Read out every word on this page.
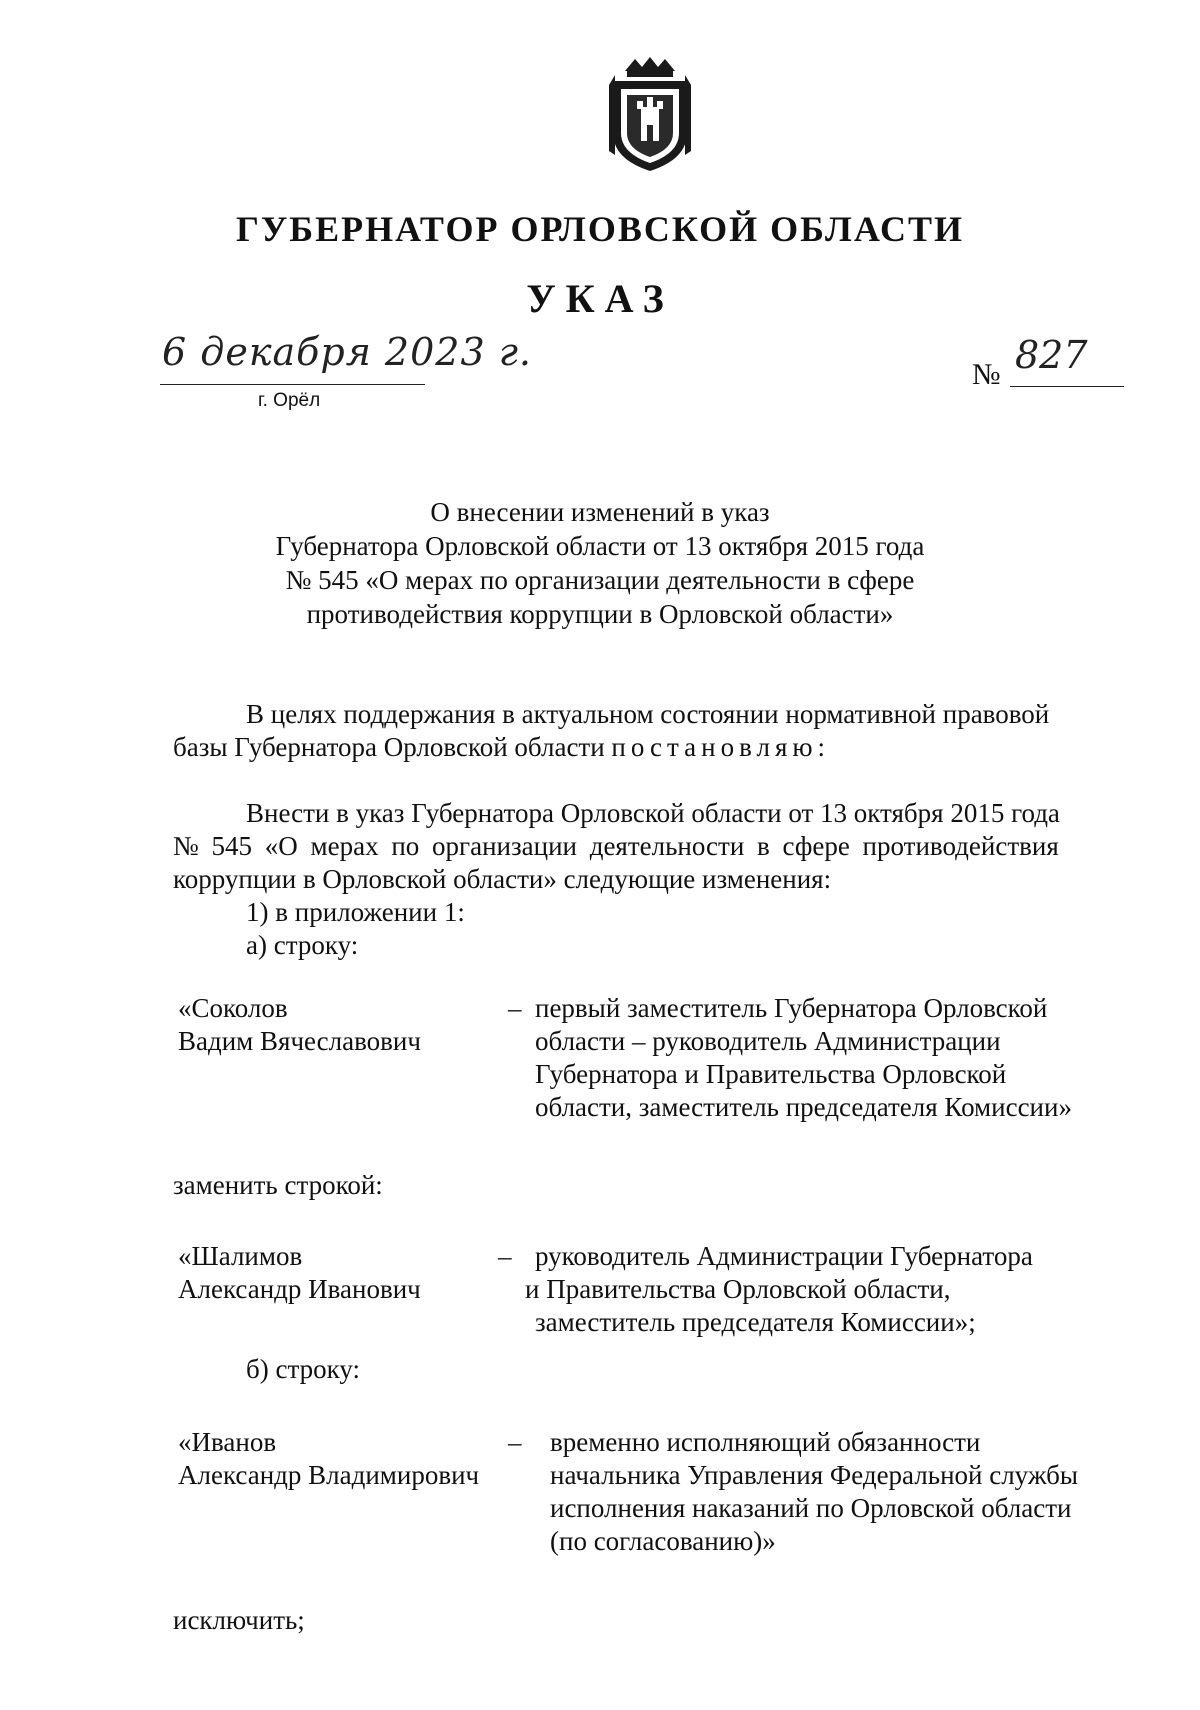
ГУБЕРНАТОР ОРЛОВСКОЙ ОБЛАСТИ
УКАЗ
6 декабря 2023 г.
г. Орёл
№ 827
О внесении изменений в указ
Губернатора Орловской области от 13 октября 2015 года
№ 545 «О мерах по организации деятельности в сфере
противодействия коррупции в Орловской области»
В целях поддержания в актуальном состоянии нормативной правовой
базы Губернатора Орловской области постановляю:
Внести в указ Губернатора Орловской области от 13 октября 2015 года
№ 545 «О мерах по организации деятельности в сфере противодействия
коррупции в Орловской области» следующие изменения:
1) в приложении 1:
а) строку:
«Соколов
Вадим Вячеславович
– первый заместитель Губернатора Орловской
области – руководитель Администрации
Губернатора и Правительства Орловской
области, заместитель председателя Комиссии»
заменить строкой:
«Шалимов
Александр Иванович
– руководитель Администрации Губернатора
и Правительства Орловской области,
заместитель председателя Комиссии»;
б) строку:
«Иванов
Александр Владимирович
– временно исполняющий обязанности
начальника Управления Федеральной службы
исполнения наказаний по Орловской области
(по согласованию)»
исключить;
